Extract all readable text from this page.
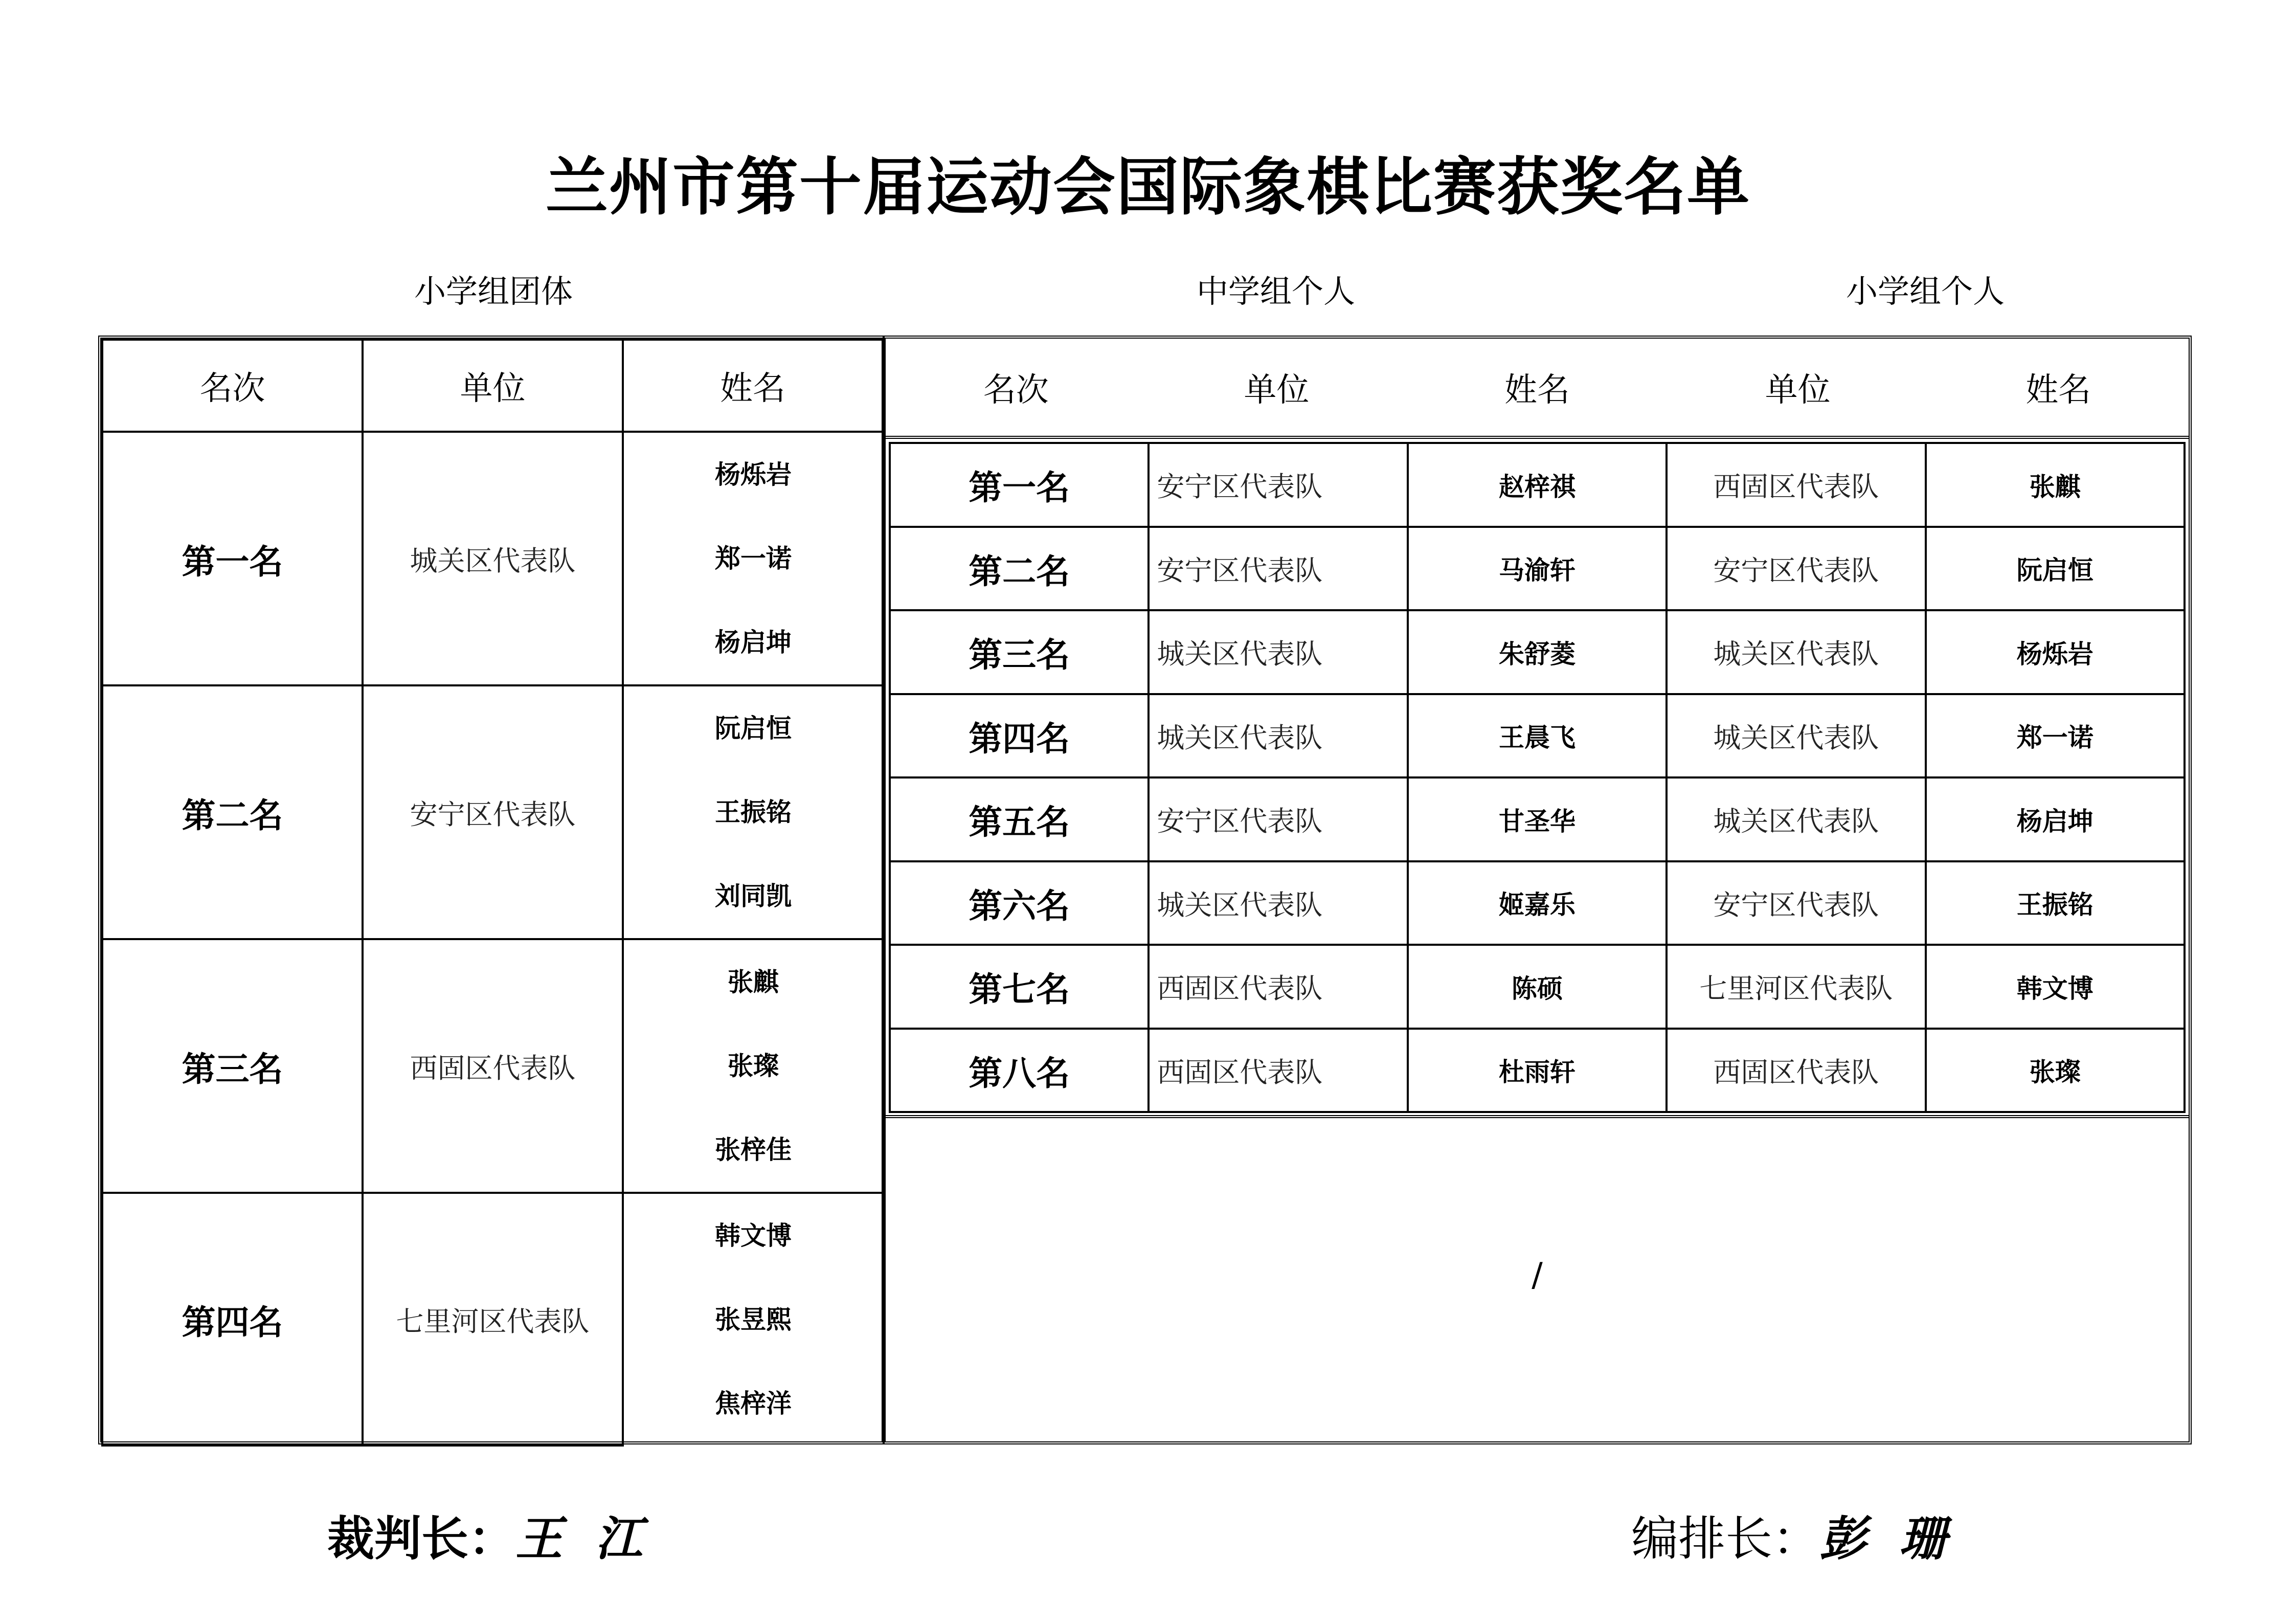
兰州市第十届运动会国际象棋比赛获奖名单
小学组团体	中学组个人	小学组个人
名次	单位	姓名
第一名	城关区代表队	杨烁岩
郑一诺
杨启坤

第二名	安宁区代表队	阮启恒
王振铭
刘同凯

第三名	西固区代表队	张麒
张璨
张梓佳

第四名	七里河区代表队	韩文博
张昱熙
焦梓洋
名次	单位	姓名	单位	姓名
第一名	安宁区代表队	赵梓祺	西固区代表队	张麒
第二名	安宁区代表队	马渝轩	安宁区代表队	阮启恒
第三名	城关区代表队	朱舒菱	城关区代表队	杨烁岩
第四名	城关区代表队	王晨飞	城关区代表队	郑一诺
第五名	安宁区代表队	甘圣华	城关区代表队	杨启坤
第六名	城关区代表队	姬嘉乐	安宁区代表队	王振铭
第七名	西固区代表队	陈硕	七里河区代表队	韩文博
第八名	西固区代表队	杜雨轩	西固区代表队	张璨
/
裁判长：王  江	编排长：彭  珊
